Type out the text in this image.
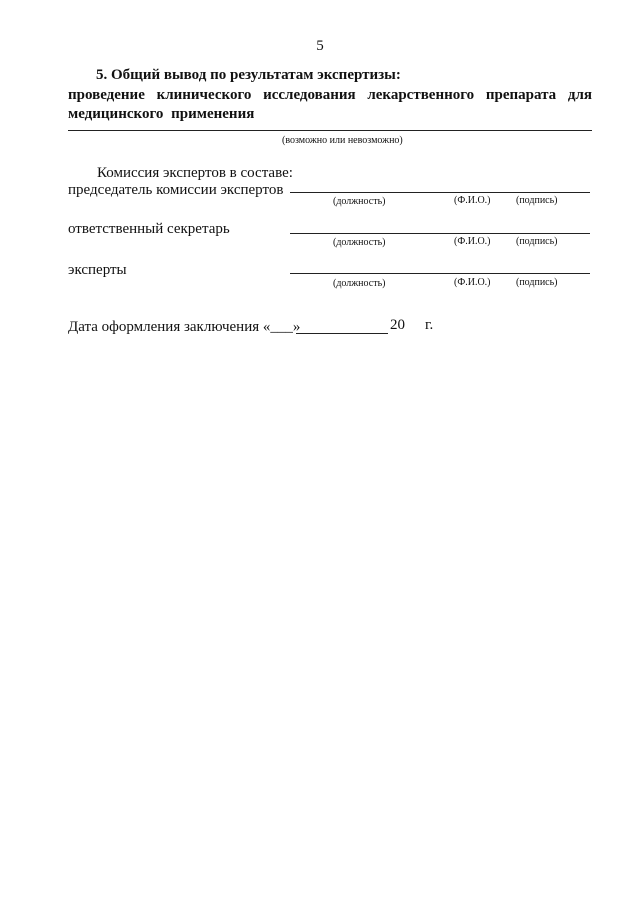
5
5. Общий вывод по результатам экспертизы:
проведение клинического исследования лекарственного препарата для медицинского применения
(возможно или невозможно)
Комиссия экспертов в составе:
председатель комиссии экспертов
(должность)	(Ф.И.О.)	(подпись)
ответственный секретарь
(должность)	(Ф.И.О.)	(подпись)
эксперты
(должность)	(Ф.И.О.)	(подпись)
Дата оформления заключения «___»	20 г.
